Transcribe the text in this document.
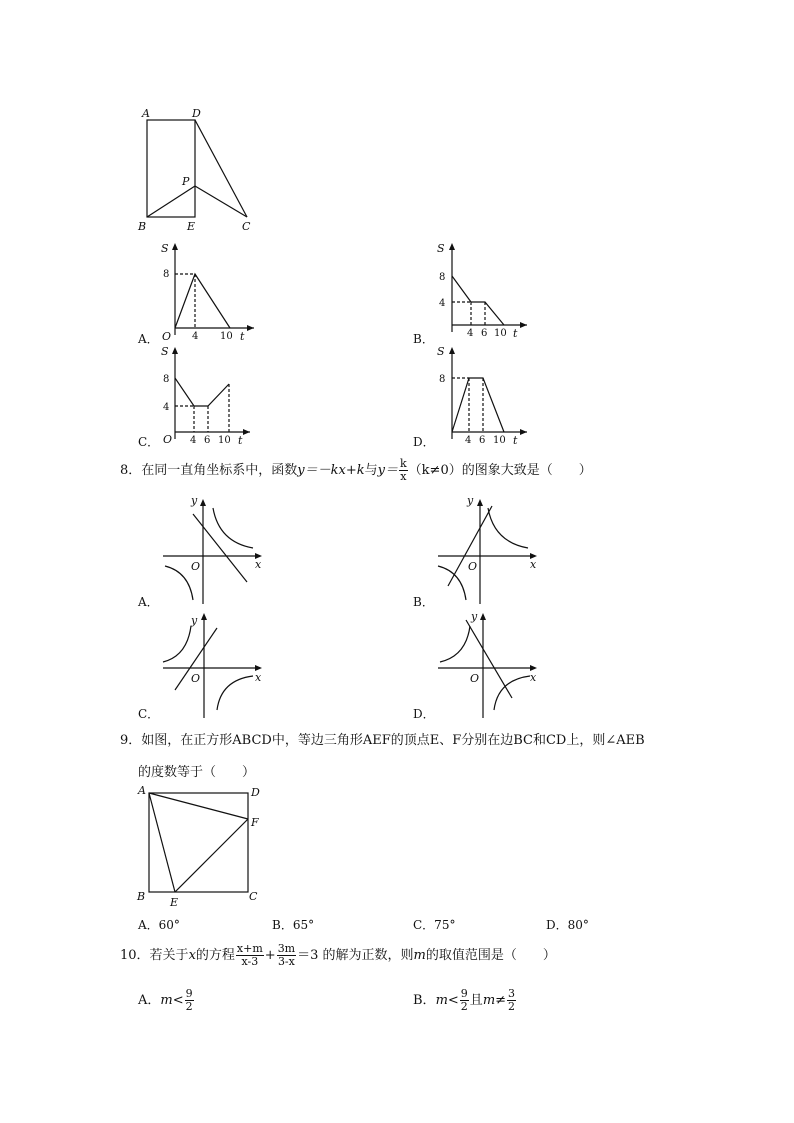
A	D
P
B	E	C
A．
S
8
O 4 10 t	B．
S
8
4
4 6 10 t
C．
S
8
4
O 4 6 10 t	D．
S
8
4 6 10 t
8．在同一直角坐标系中，函数y＝－kx+k与$y= \frac{k}{x} (k\ne 0)$的图象大致是（　　）
A．
y
O	x
B．
y
O	x
C．
y
O	x
D．
y
O	x
9．如图，在正方形ABCD中，等边三角形AEF的顶点E、F分别在边BC和CD上，则∠AEB
的度数等于（　　）
A	D
F
B E	C
A．60°	B．65°	C．75°	D．80°
10．若关于x的方程 $\frac{x+m}{x-3} + \frac{3m}{3-x} =3$ 的解为正数，则m的取值范围是（　　）
A．$m< \frac{9}{2}$	B．$m< \frac{9}{2}$ 且$m\ne \frac{3}{2}$
